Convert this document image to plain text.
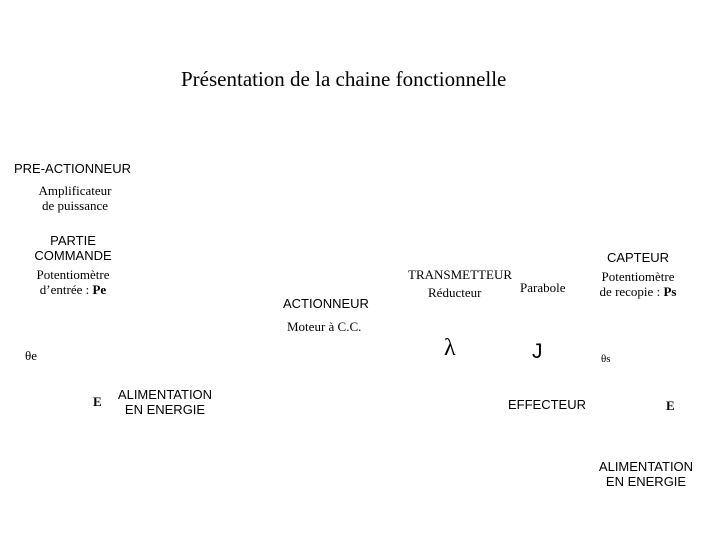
Présentation de la chaine fonctionnelle
PRE-ACTIONNEUR
Amplificateur
de puissance
PARTIE
COMMANDE
Potentiomètre
d’entrée : Pe
ACTIONNEUR
Moteur à C.C.
TRANSMETTEUR
Réducteur	Parabole
CAPTEUR
Potentiomètre
de recopie : Ps
θe	λ	J	θs
E	ALIMENTATION
EN ENERGIE	EFFECTEUR	E
ALIMENTATION
EN ENERGIE
